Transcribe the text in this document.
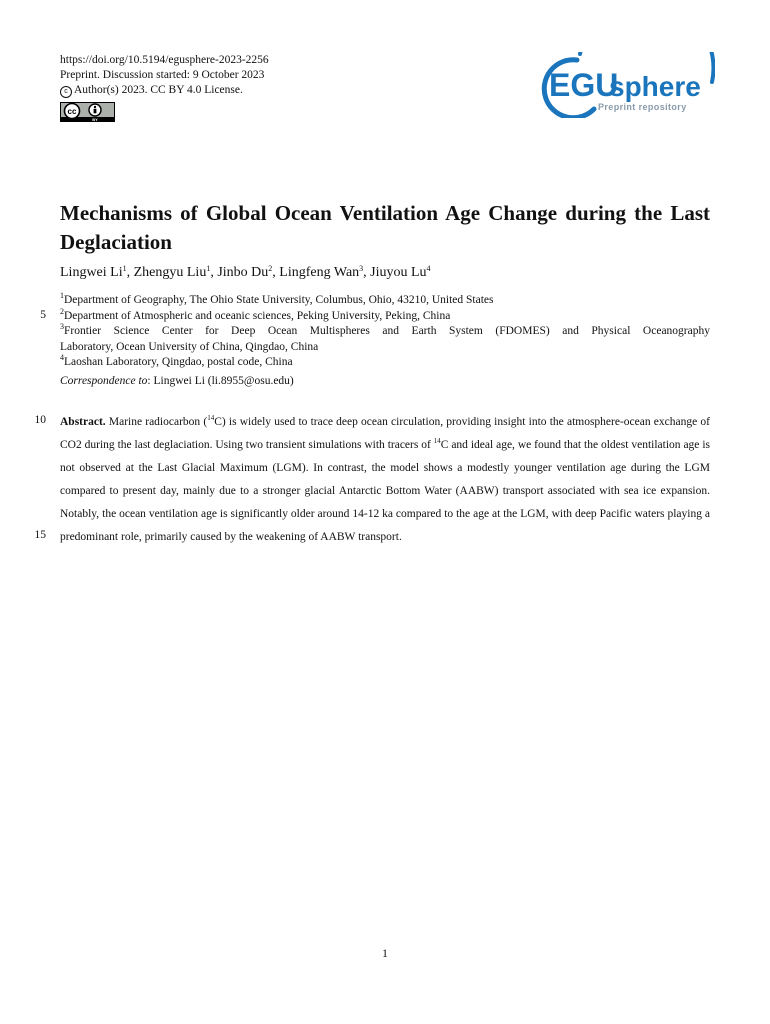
https://doi.org/10.5194/egusphere-2023-2256
Preprint. Discussion started: 9 October 2023
c Author(s) 2023. CC BY 4.0 License.
cc
BY
EGU
sphere
Preprint repository
Mechanisms of Global Ocean Ventilation Age Change during the Last Deglaciation
Lingwei Li$^1$, Zhengyu Liu$^1$, Jinbo Du$^2$, Lingfeng Wan$^3$, Jiuyou Lu$^4$
$^1$Department of Geography, The Ohio State University, Columbus, Ohio, 43210, United States
$^2$Department of Atmospheric and oceanic sciences, Peking University, Peking, China
$^3$Frontier Science Center for Deep Ocean Multispheres and Earth System (FDOMES) and Physical Oceanography
Laboratory, Ocean University of China, Qingdao, China
$^4$Laoshan Laboratory, Qingdao, postal code, China
Correspondence to: Lingwei Li (li.8955@osu.edu)
5
10
15

Abstract. Marine radiocarbon ($^{14}$C) is widely used to trace deep ocean circulation, providing insight into the atmosphere-ocean exchange of CO2 during the last deglaciation. Using two transient simulations with tracers of $^{14}$C and ideal age, we found that the oldest ventilation age is not observed at the Last Glacial Maximum (LGM). In contrast, the model shows a modestly younger ventilation age during the LGM compared to present day, mainly due to a stronger glacial Antarctic Bottom Water (AABW) transport associated with sea ice expansion. Notably, the ocean ventilation age is significantly older around 14-12 ka compared to the age at the LGM, with deep Pacific waters playing a predominant role, primarily caused by the weakening of AABW transport.

1
